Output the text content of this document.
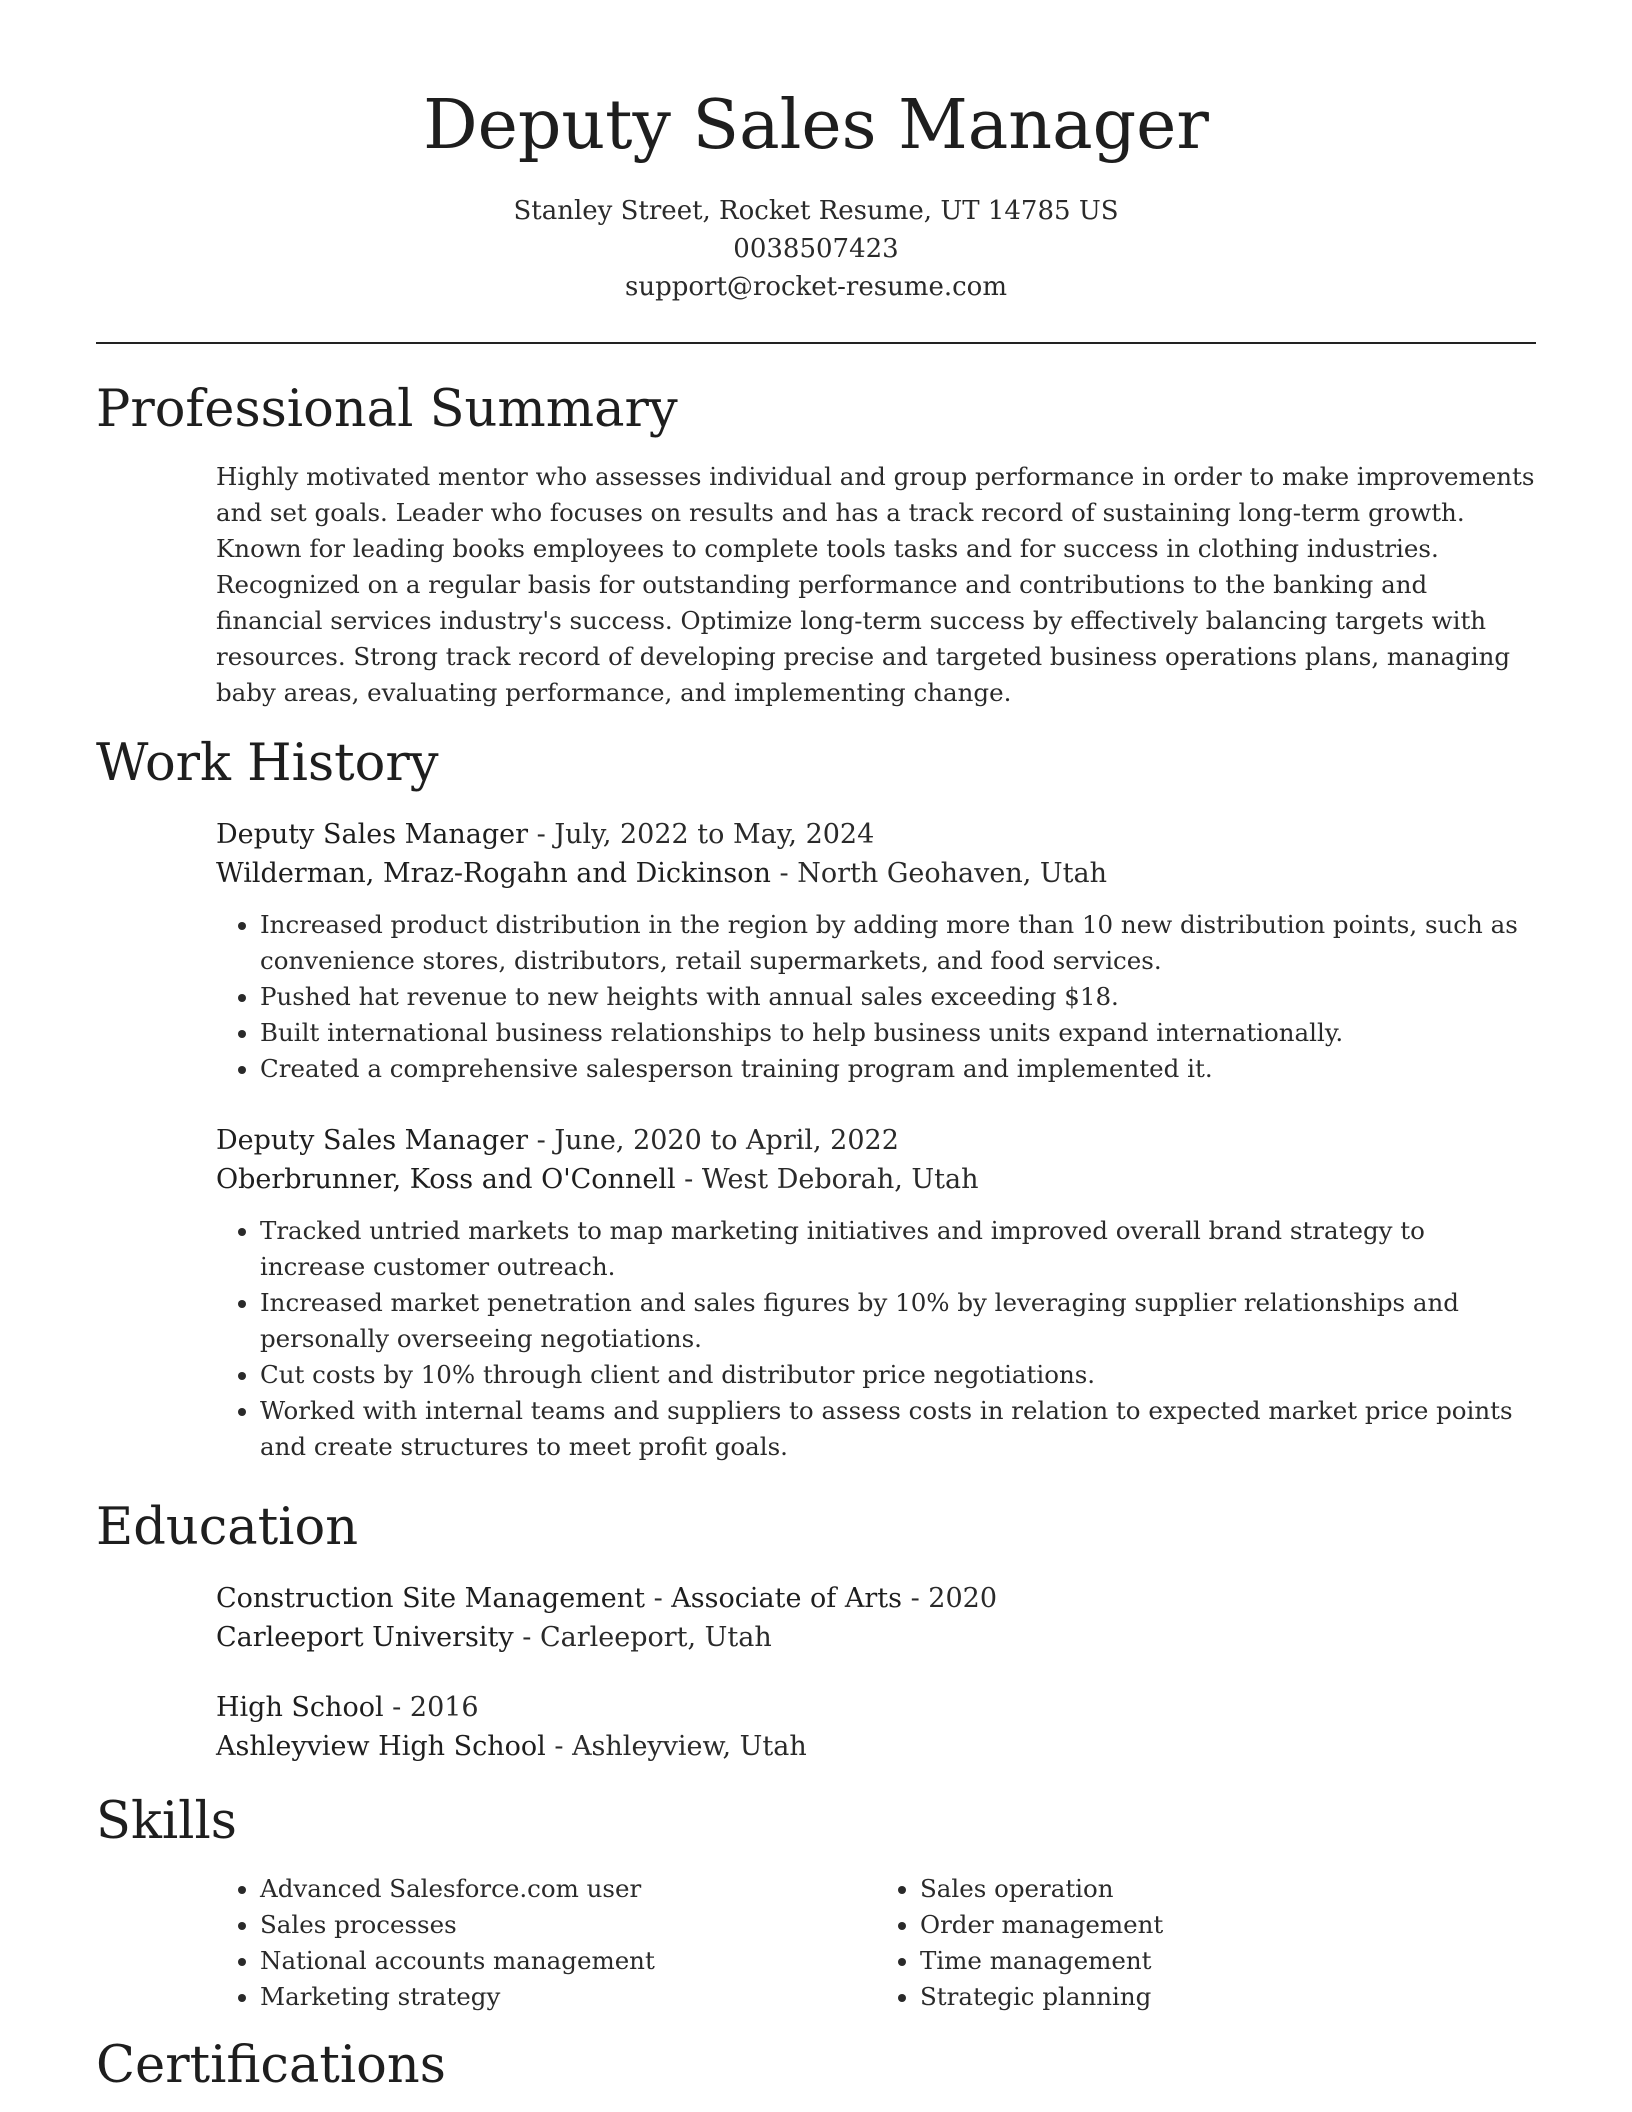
Deputy Sales Manager
Stanley Street, Rocket Resume, UT 14785 US
0038507423
support@rocket-resume.com
Professional Summary

Highly motivated mentor who assesses individual and group performance in order to make improvements and set goals. Leader who focuses on results and has a track record of sustaining long-term growth. Known for leading books employees to complete tools tasks and for success in clothing industries. Recognized on a regular basis for outstanding performance and contributions to the banking and financial services industry's success. Optimize long-term success by effectively balancing targets with resources. Strong track record of developing precise and targeted business operations plans, managing baby areas, evaluating performance, and implementing change.

Work History

Deputy Sales Manager - July, 2022 to May, 2024

Wilderman, Mraz-Rogahn and Dickinson - North Geohaven, Utah

• Increased product distribution in the region by adding more than 10 new distribution points, such as convenience stores, distributors, retail supermarkets, and food services.
• Pushed hat revenue to new heights with annual sales exceeding $18.
• Built international business relationships to help business units expand internationally.
• Created a comprehensive salesperson training program and implemented it.

Deputy Sales Manager - June, 2020 to April, 2022

Oberbrunner, Koss and O'Connell - West Deborah, Utah

• Tracked untried markets to map marketing initiatives and improved overall brand strategy to increase customer outreach.
• Increased market penetration and sales figures by 10% by leveraging supplier relationships and personally overseeing negotiations.
• Cut costs by 10% through client and distributor price negotiations.
• Worked with internal teams and suppliers to assess costs in relation to expected market price points and create structures to meet profit goals.
Education

Construction Site Management - Associate of Arts - 2020

Carleeport University - Carleeport, Utah

High School - 2016

Ashleyview High School - Ashleyview, Utah

Skills
• Advanced Salesforce.com user
• Sales processes
• National accounts management
• Marketing strategy
• Sales operation
• Order management
• Time management
• Strategic planning
Certifications
